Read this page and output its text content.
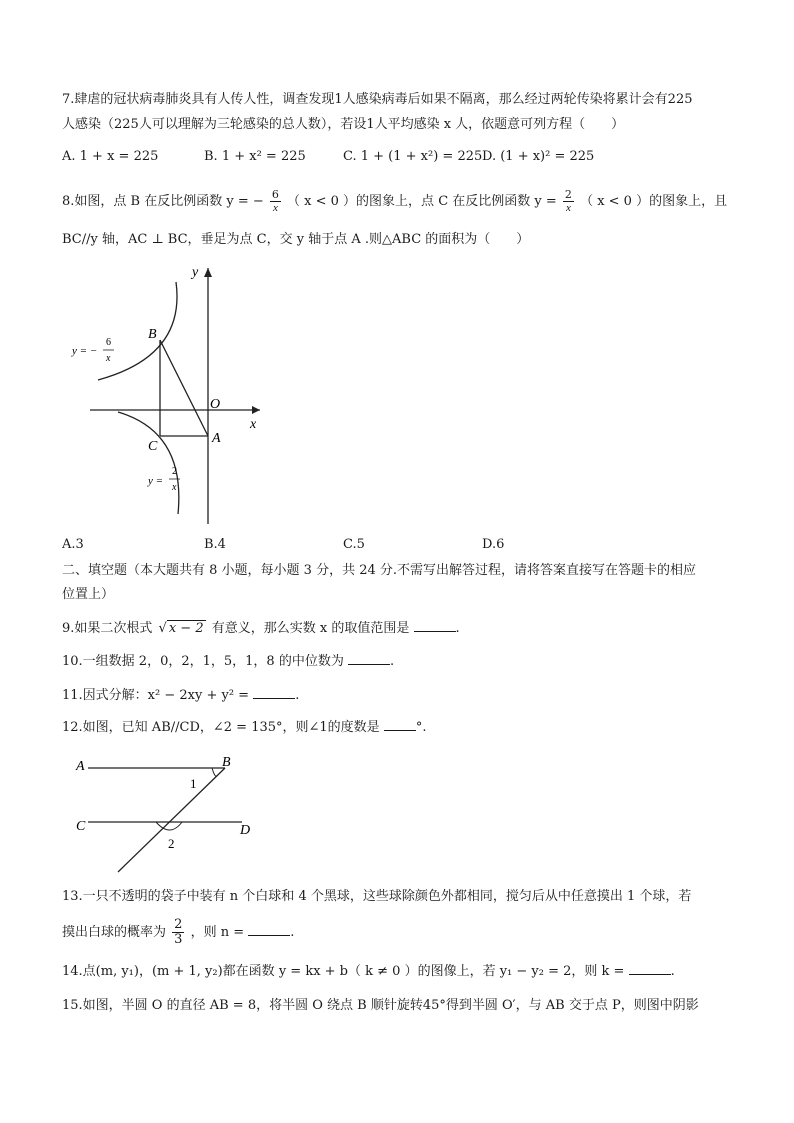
7.肆虐的冠状病毒肺炎具有人传人性，调查发现1人感染病毒后如果不隔离，那么经过两轮传染将累计会有225
人感染（225人可以理解为三轮感染的总人数），若设1人平均感染 x 人，依题意可列方程（　　）
A. 1 + x = 225	B. 1 + x² = 225	C. 1 + (1 + x²) = 225 D. (1 + x)² = 225
8.如图，点 B 在反比例函数 y = − $\frac{6}{x}$ （ x < 0 ）的图象上，点 C 在反比例函数 $y = \frac{2}{x}$ （ x < 0 ）的图象上，且
BC//y 轴，AC ⊥ BC，垂足为点 C，交 y 轴于点 A .则△ABC 的面积为（　　）
y
x
O
B
C
A
y = −
6
x
y =
2
x
A.3	B.4	C.5	D.6
二、填空题（本大题共有 8 小题，每小题 3 分，共 24 分.不需写出解答过程，请将答案直接写在答题卡的相应
位置上）
9.如果二次根式 √ x − 2 有意义，那么实数 x 的取值范围是	.
10.一组数据 2，0，2，1，5，1，8 的中位数为	.
11.因式分解：x² − 2xy + y² =	.
12.如图，已知 AB//CD，∠2 = 135°，则∠1的度数是	°.
A	B
C	D
1
2
13.一只不透明的袋子中装有 n 个白球和 4 个黑球，这些球除颜色外都相同，搅匀后从中任意摸出 1 个球，若
摸出白球的概率为 $\frac{2}{3}$ ，则 n =	.
14.点(m, y₁)，(m + 1, y₂)都在函数 y = kx + b（ k ≠ 0 ）的图像上，若 y₁ − y₂ = 2，则 k =	.
15.如图，半圆 O 的直径 AB = 8，将半圆 O 绕点 B 顺针旋转45°得到半圆 O′，与 AB 交于点 P，则图中阴影
